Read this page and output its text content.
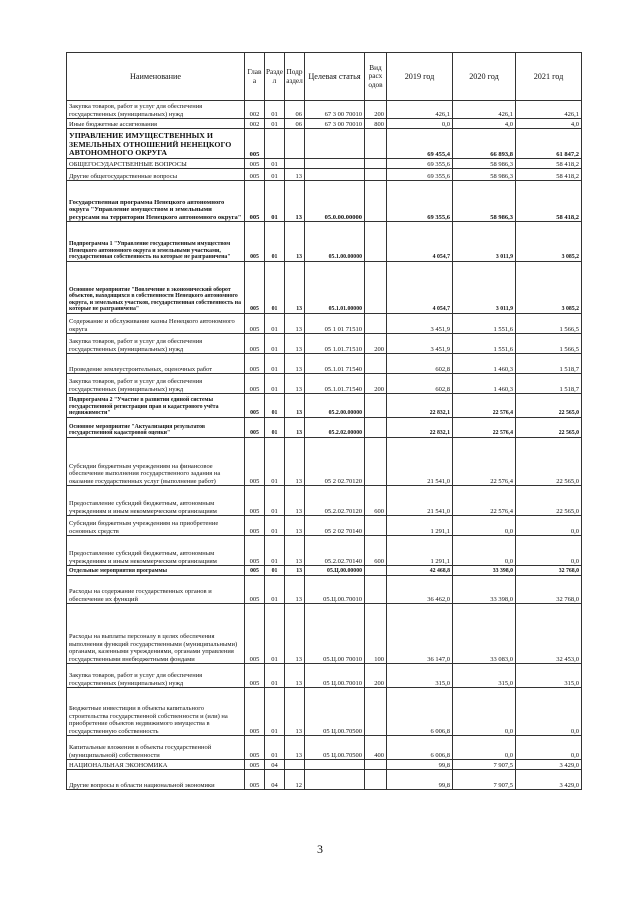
Наименование	Глав а	Разде л	Подр аздел	Целевая статья	Вид расх одов	2019 год	2020 год	2021 год
Закупка товаров, работ и услуг для обеспечения государственных (муниципальных) нужд	002	01	06	67 3 00 70010	200	426,1	426,1	426,1
Иные бюджетные ассигнования	002	01	06	67 3 00 70010	800	0,0	4,0	4,0
УПРАВЛЕНИЕ ИМУЩЕСТВЕННЫХ И ЗЕМЕЛЬНЫХ ОТНОШЕНИЙ НЕНЕЦКОГО АВТОНОМНОГО ОКРУГА	005					69 455,4	66 893,8	61 847,2
ОБЩЕГОСУДАРСТВЕННЫЕ ВОПРОСЫ	005	01				69 355,6	58 986,3	58 418,2
Другие общегосударственные вопросы	005	01	13			69 355,6	58 986,3	58 418,2
Государственная программа Ненецкого автономного округа "Управление имуществом и земельными ресурсами на территории Ненецкого автономного округа"	005	01	13	05.0.00.00000		69 355,6	58 986,3	58 418,2
Подпрограмма 1 "Управление государственным имуществом Ненецкого автономного округа и земельными участками, государственная собственность на которые не разграничена"	005	01	13	05.1.00.00000		4 054,7	3 011,9	3 085,2
Основное мероприятие "Вовлечение в экономический оборот объектов, находящихся в собственности Ненецкого автономного округа, и земельных участков, государственная собственность на которые не разграничена"	005	01	13	05.1.01.00000		4 054,7	3 011,9	3 085,2
Содержание и обслуживание казны Ненецкого автономного округа	005	01	13	05 1 01 71510		3 451,9	1 551,6	1 566,5
Закупка товаров, работ и услуг для обеспечения государственных (муниципальных) нужд	005	01	13	05 1.01.71510	200	3 451,9	1 551,6	1 566,5
Проведение землеустроительных, оценочных работ	005	01	13	05.1.01 71540		602,8	1 460,3	1 518,7
Закупка товаров, работ и услуг для обеспечения государственных (муниципальных) нужд	005	01	13	05.1.01.71540	200	602,8	1 460,3	1 518,7
Подпрограмма 2 "Участие в развитии единой системы государственной регистрации прав и кадастрового учёта недвижимости"	005	01	13	05.2.00.00000		22 832,1	22 576,4	22 565,0
Основное мероприятие "Актуализация результатов государственной кадастровой оценки"	005	01	13	05.2.02.00000		22 832,1	22 576,4	22 565,0
Субсидии бюджетным учреждениям на финансовое обеспечение выполнения государственного задания на оказание государственных услуг (выполнение работ)	005	01	13	05 2 02.70120		21 541,0	22 576,4	22 565,0
Предоставление субсидий бюджетным, автономным учреждениям и иным некоммерческим организациям	005	01	13	05.2.02.70120	600	21 541,0	22 576,4	22 565,0
Субсидии бюджетным учреждениям на приобретение основных средств	005	01	13	05 2 02 70140		1 291,1	0,0	0,0
Предоставление субсидий бюджетным, автономным учреждениям и иным некоммерческим организациям	005	01	13	05.2.02.70140	600	1 291,1	0,0	0,0
Отдельные мероприятия программы	005	01	13	05.Ц.00.00000		42 468,8	33 398,0	32 768,0
Расходы на содержание государственных органов и обеспечение их функций	005	01	13	05.Ц.00.70010		36 462,0	33 398,0	32 768,0
Расходы на выплаты персоналу в целях обеспечения выполнения функций государственными (муниципальными) органами, казенными учреждениями, органами управления государственными внебюджетными фондами	005	01	13	05.Ц.00 70010	100	36 147,0	33 083,0	32 453,0
Закупка товаров, работ и услуг для обеспечения государственных (муниципальных) нужд	005	01	13	05 Ц.00.70010	200	315,0	315,0	315,0
Бюджетные инвестиции в объекты капитального строительства государственной собственности и (или) на приобретение объектов недвижимого имущества в государственную собственность	005	01	13	05 Ц.00.70500		6 006,8	0,0	0,0
Капитальные вложения в объекты государственной (муниципальной) собственности	005	01	13	05 Ц.00.70500	400	6 006,8	0,0	0,0
НАЦИОНАЛЬНАЯ ЭКОНОМИКА	005	04				99,8	7 907,5	3 429,0
Другие вопросы в области национальной экономики	005	04	12			99,8	7 907,5	3 429,0
3
